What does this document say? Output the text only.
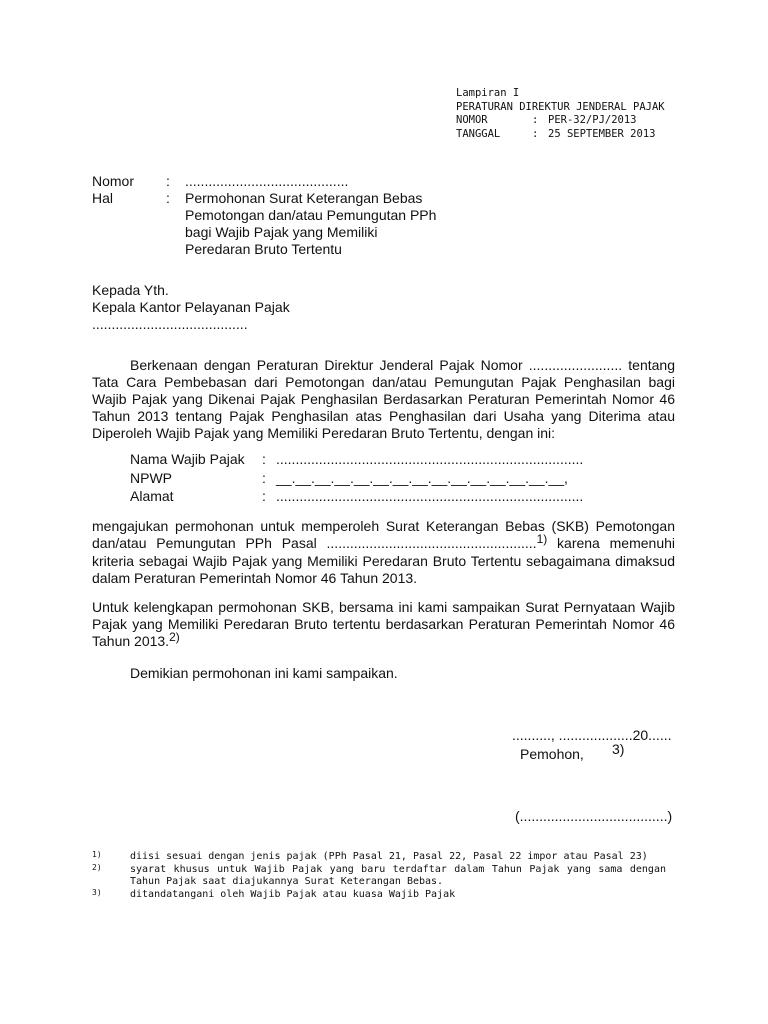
Lampiran I
PERATURAN DIREKTUR JENDERAL PAJAK
NOMOR	: PER-32/PJ/2013
TANGGAL	: 25 SEPTEMBER 2013
Nomor	:	..........................................
Hal	:	Permohonan Surat Keterangan Bebas
Pemotongan dan/atau Pemungutan PPh
bagi Wajib Pajak yang Memiliki
Peredaran Bruto Tertentu
Kepada Yth.
Kepala Kantor Pelayanan Pajak
........................................
Berkenaan dengan Peraturan Direktur Jenderal Pajak Nomor ........................ tentang Tata Cara Pembebasan dari Pemotongan dan/atau Pemungutan Pajak Penghasilan bagi Wajib Pajak yang Dikenai Pajak Penghasilan Berdasarkan Peraturan Pemerintah Nomor 46 Tahun 2013 tentang Pajak Penghasilan atas Penghasilan dari Usaha yang Diterima atau Diperoleh Wajib Pajak yang Memiliki Peredaran Bruto Tertentu, dengan ini:
Nama Wajib Pajak	: ...............................................................................
NPWP	: __.__.__.__.__.__.__.__.__.__.__.__.__.__.__,
Alamat	: ...............................................................................
mengajukan permohonan untuk memperoleh Surat Keterangan Bebas (SKB) Pemotongan dan/atau Pemungutan PPh Pasal ......................................................1) karena memenuhi kriteria sebagai Wajib Pajak yang Memiliki Peredaran Bruto Tertentu sebagaimana dimaksud dalam Peraturan Pemerintah Nomor 46 Tahun 2013.
Untuk kelengkapan permohonan SKB, bersama ini kami sampaikan Surat Pernyataan Wajib Pajak yang Memiliki Peredaran Bruto tertentu berdasarkan Peraturan Pemerintah Nomor 46 Tahun 2013.2)
Demikian permohonan ini kami sampaikan.
.........., ...................20......
Pemohon, 3)
(......................................)
1)	diisi sesuai dengan jenis pajak (PPh Pasal 21, Pasal 22, Pasal 22 impor atau Pasal 23)
2)	syarat khusus untuk Wajib Pajak yang baru terdaftar dalam Tahun Pajak yang sama dengan Tahun Pajak saat diajukannya Surat Keterangan Bebas.
3)	ditandatangani oleh Wajib Pajak atau kuasa Wajib Pajak
